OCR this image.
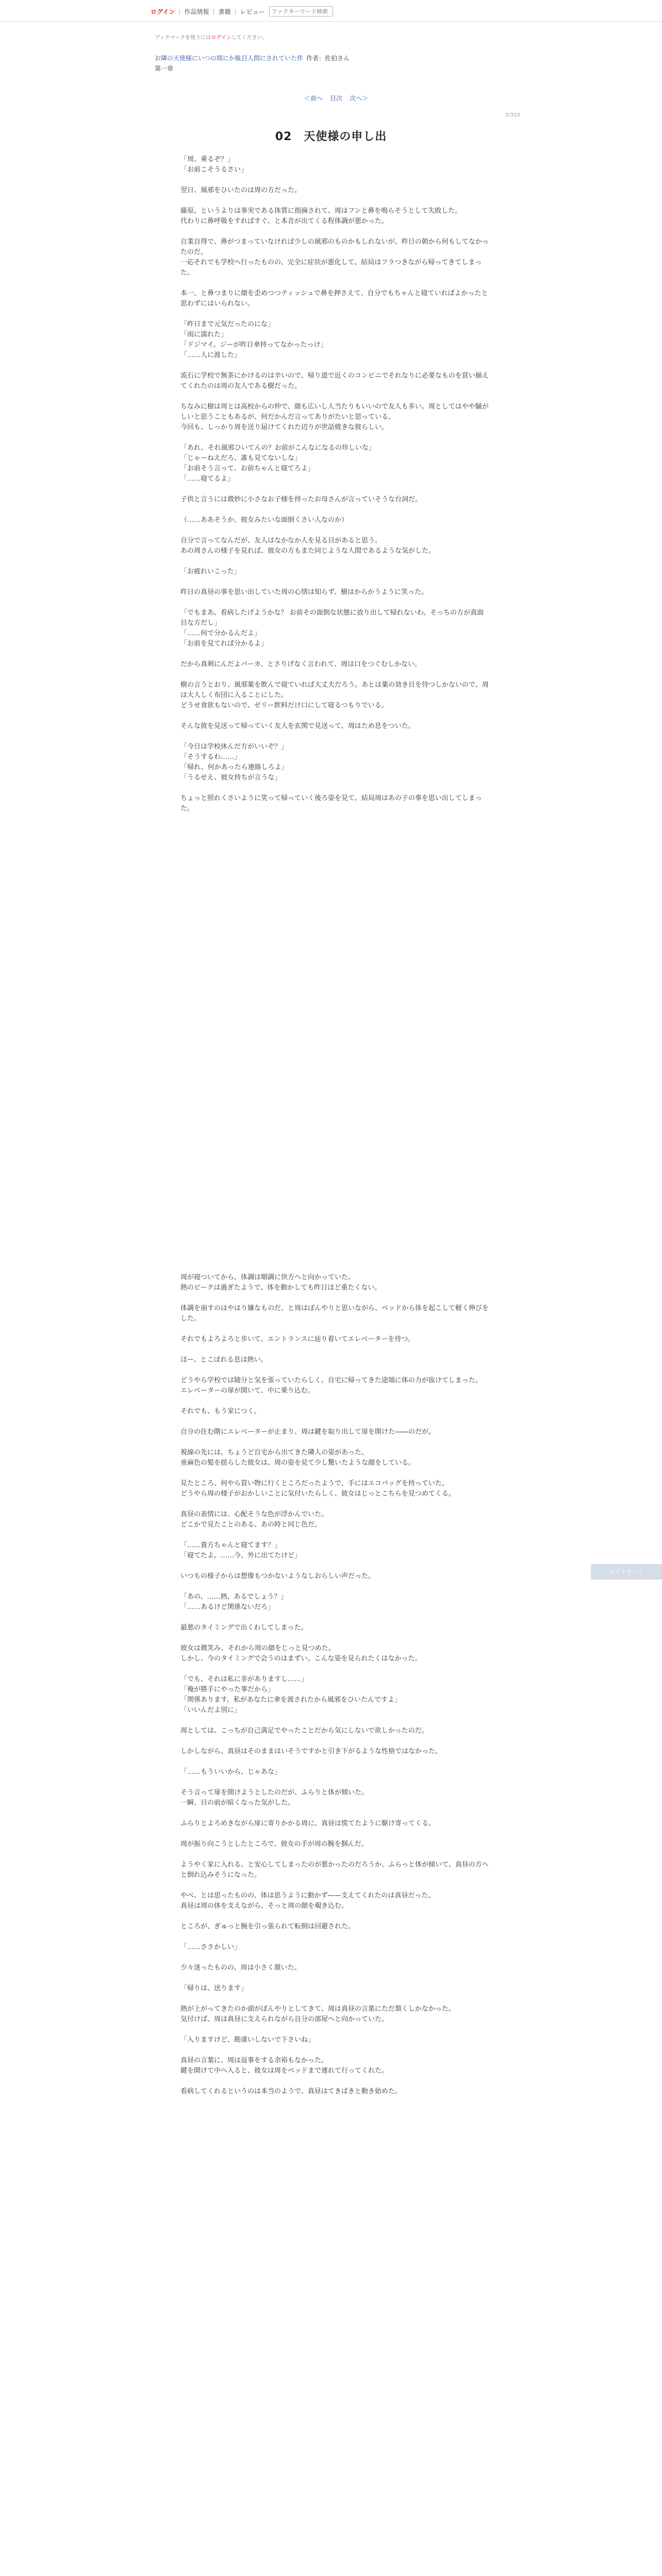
ログイン | 作品情報 | 書籍 | レビュー
ファクターワード検索
ブックマークを使うにはログインしてください。
お隣の天使様にいつの間にか駄目人間にされていた件 作者：佐伯さん
第一章
＜前へ 目次 次へ＞
2/310
02　天使様の申し出

「周、乗るぞ？」
「お前こそうるさい」

翌日、風邪をひいたのは周の方だった。

藤原、というよりは事実である体質に指摘されて、周はフンと鼻を鳴らそうとして失敗した。
代わりに鼻呼吸をすればすぐ、と本音が出てくる程体調が悪かった。

自業自得で、鼻がつまっていなければ少しの風邪のものかもしれないが、昨日の朝から何もしてなかったのだ。
一応それでも学校へ行ったものの、完全に症状が悪化して、結局はフラつきながら帰ってきてしまった。

本一、と鼻つまりに顔を歪めつつティッシュで鼻を押さえて、自分でもちゃんと寝ていればよかったと思わずにはいられない。

「昨日まで元気だったのにな」
「雨に濡れた」
「ドジマイ。ジーが昨日傘持ってなかったっけ」
「……人に渡した」

流石に学校で無茶にかけるのは辛いので、帰り道で近くのコンビニでそれなりに必要なものを買い揃えてくれたのは周の友人である樹だった。

ちなみに樹は周とは高校からの仲で、顔も広いし人当たりもいいので友人も多い。周としてはやや騒がしいと思うこともあるが、何だかんだ言ってありがたいと思っている。
今回も、しっかり周を送り届けてくれた辺りが世話焼きな彼らしい。

「あれ、それ風邪ひいてんの？お前がこんなになるの珍しいな」
「じゃーねえだろ、誰も見てないしな」
「お前そう言って、お前ちゃんと寝てろよ」
「……寝てるよ」

子供と言うには微妙に小さなお子様を持ったお母さんが言っていそうな台詞だ。

（……ああそうか、彼女みたいな面倒くさい人なのか）

自分で言ってなんだが、友人はなかなか人を見る目があると思う。
あの周さんの様子を見れば、彼女の方もまた同じような人間であるような気がした。

「お疲れいこった」

昨日の真昼の事を思い出していた周の心情は知らず、樹はからかうように笑った。

「でもまあ、看病したげようかな？ お前その面倒な状態に放り出して帰れないわ。そっちの方が真面目な方だし」
「……何で分かるんだよ」
「お前を見てれば分かるよ」

だから真剣にんだよバーカ、とさりげなく言われて、周は口をつぐむしかない。

樹の言うとおり、風邪薬を飲んで寝ていれば大丈夫だろう。あとは薬の効き目を待つしかないので、周は大人しく布団に入ることにした。
どうせ食欲もないので、ゼリー飲料だけ口にして寝るつもりでいる。

そんな彼を見送って帰っていく友人を玄関で見送って、周はため息をついた。

「今日は学校休んだ方がいいぞ？」
「そうするわ……」
「帰れ、何かあったら連絡しろよ」
「うるせえ、彼女持ちが言うな」

ちょっと照れくさいように笑って帰っていく後ろ姿を見て、結局周はあの子の事を思い出してしまった。

周が寝ついてから、体調は順調に快方へと向かっていた。
熱のピークは過ぎたようで、体を動かしても昨日ほど重たくない。

体調を崩すのはやはり嫌なものだ、と周はぼんやりと思いながら、ベッドから体を起こして軽く伸びをした。

それでもよろよろと歩いて、エントランスに辿り着いてエレベーターを待つ。

ほー、とこぼれる息は熱い。

どうやら学校では随分と気を張っていたらしく、自宅に帰ってきた途端に体の力が抜けてしまった。
エレベーターの扉が開いて、中に乗り込む。

それでも、もう家につく。

自分の住む階にエレベーターが止まり、周は鍵を取り出して扉を開けた――のだが。

視線の先には、ちょうど自宅から出てきた隣人の姿があった。
亜麻色の髪を揺らした彼女は、周の姿を見て少し驚いたような顔をしている。

見たところ、何やら買い物に行くところだったようで、手にはエコバッグを持っていた。
どうやら周の様子がおかしいことに気付いたらしく、彼女はじっとこちらを見つめてくる。

真昼の表情には、心配そうな色が浮かんでいた。
どこかで見たことのある、あの時と同じ色だ。

「……貴方ちゃんと寝てます？」
「寝てたよ。……今、外に出てたけど」

いつもの様子からは想像もつかないようなしおらしい声だった。

「あの、……熱、あるでしょう？」
「……あるけど関係ないだろ」

最悪のタイミングで出くわしてしまった。

彼女は微笑み、それから周の顔をじっと見つめた。
しかし、今のタイミングで会うのはまずい。こんな姿を見られたくはなかった。

「でも、それは私に非がありますし……」
「俺が勝手にやった事だから」
「関係あります。私があなたに傘を渡されたから風邪をひいたんですよ」
「いいんだよ別に」

周としては、こっちが自己満足でやったことだから気にしないで欲しかったのだ。

しかしながら、真昼はそのままはいそうですかと引き下がるような性格ではなかった。

「……もういいから、じゃあな」

そう言って扉を開けようとしたのだが、ふらりと体が傾いた。
一瞬、目の前が暗くなった気がした。

ふらりとよろめきながら扉に寄りかかる周に、真昼は慌てたように駆け寄ってくる。

周が振り向こうとしたところで、彼女の手が周の腕を掴んだ。

ようやく家に入れる、と安心してしまったのが悪かったのだろうか、ふらっと体が傾いて、真昼の方へと倒れ込みそうになった。

やべ、とは思ったものの、体は思うように動かず——支えてくれたのは真昼だった。
真昼は周の体を支えながら、そっと周の顔を覗き込む。

ところが、ぎゅっと腕を引っ張られて転倒は回避された。

「……ささかしい」

少々迷ったものの、周は小さく頷いた。

「帰りは、送ります」

熱が上がってきたのか頭がぼんやりとしてきて、周は真昼の言葉にただ頷くしかなかった。
気付けば、周は真昼に支えられながら自分の部屋へと向かっていた。

「入りますけど、勘違いしないで下さいね」

真昼の言葉に、周は返事をする余裕もなかった。
鍵を開けて中へ入ると、彼女は周をベッドまで連れて行ってくれた。

看病してくれるというのは本当のようで、真昼はてきぱきと動き始めた。

ナイトモード
